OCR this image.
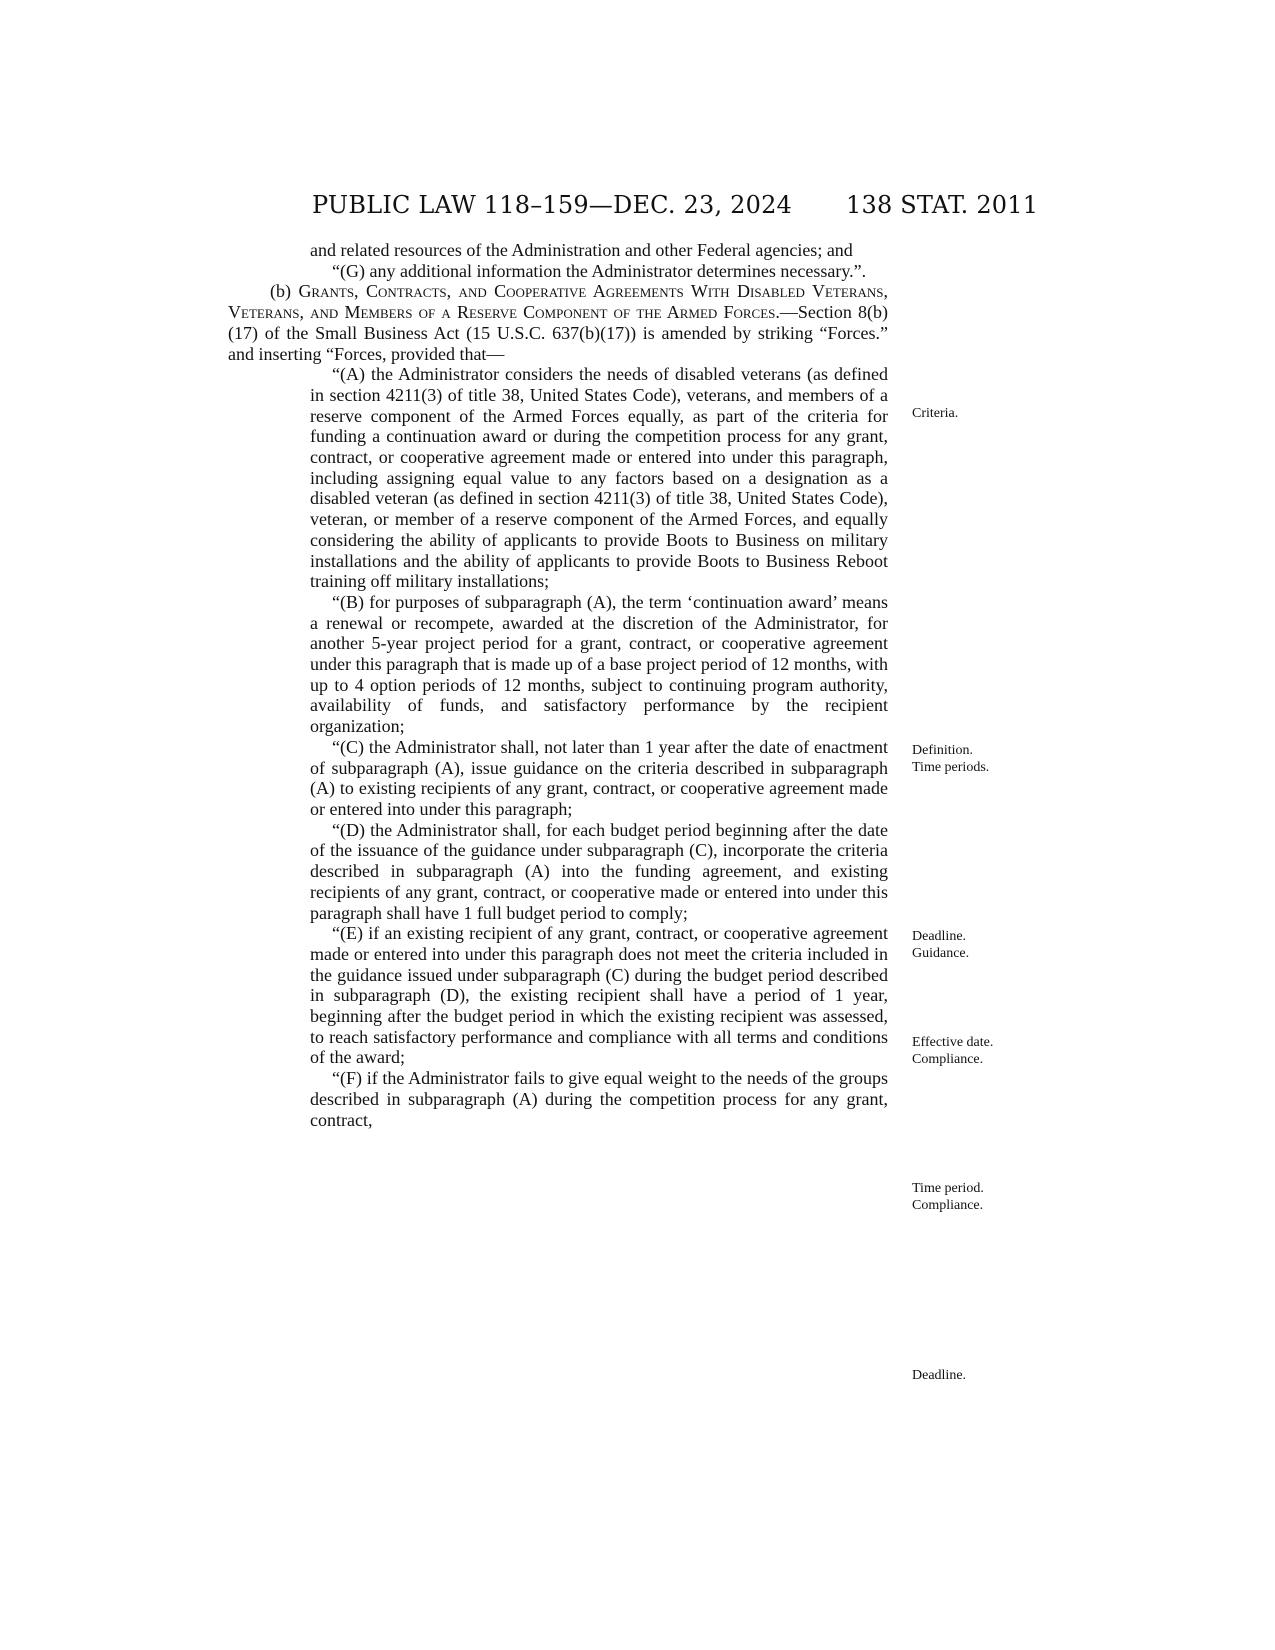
PUBLIC LAW 118–159—DEC. 23, 2024 138 STAT. 2011

and related resources of the Administration and other Federal agencies; and

“(G) any additional information the Administrator determines necessary.”.

(b) Grants, Contracts, and Cooperative Agreements With Disabled Veterans, Veterans, and Members of a Reserve Component of the Armed Forces.—Section 8(b)(17) of the Small Business Act (15 U.S.C. 637(b)(17)) is amended by striking “Forces.” and inserting “Forces, provided that—

“(A) the Administrator considers the needs of disabled veterans (as defined in section 4211(3) of title 38, United States Code), veterans, and members of a reserve component of the Armed Forces equally, as part of the criteria for funding a continuation award or during the competition process for any grant, contract, or cooperative agreement made or entered into under this paragraph, including assigning equal value to any factors based on a designation as a disabled veteran (as defined in section 4211(3) of title 38, United States Code), veteran, or member of a reserve component of the Armed Forces, and equally considering the ability of applicants to provide Boots to Business on military installations and the ability of applicants to provide Boots to Business Reboot training off military installations;

“(B) for purposes of subparagraph (A), the term ‘continuation award’ means a renewal or recompete, awarded at the discretion of the Administrator, for another 5-year project period for a grant, contract, or cooperative agreement under this paragraph that is made up of a base project period of 12 months, with up to 4 option periods of 12 months, subject to continuing program authority, availability of funds, and satisfactory performance by the recipient organization;

“(C) the Administrator shall, not later than 1 year after the date of enactment of subparagraph (A), issue guidance on the criteria described in subparagraph (A) to existing recipients of any grant, contract, or cooperative agreement made or entered into under this paragraph;

“(D) the Administrator shall, for each budget period beginning after the date of the issuance of the guidance under subparagraph (C), incorporate the criteria described in subparagraph (A) into the funding agreement, and existing recipients of any grant, contract, or cooperative made or entered into under this paragraph shall have 1 full budget period to comply;

“(E) if an existing recipient of any grant, contract, or cooperative agreement made or entered into under this paragraph does not meet the criteria included in the guidance issued under subparagraph (C) during the budget period described in subparagraph (D), the existing recipient shall have a period of 1 year, beginning after the budget period in which the existing recipient was assessed, to reach satisfactory performance and compliance with all terms and conditions of the award;

“(F) if the Administrator fails to give equal weight to the needs of the groups described in subparagraph (A) during the competition process for any grant, contract,

Criteria.
Definition.
Time periods.
Deadline.
Guidance.
Effective date.
Compliance.
Time period.
Compliance.
Deadline.
